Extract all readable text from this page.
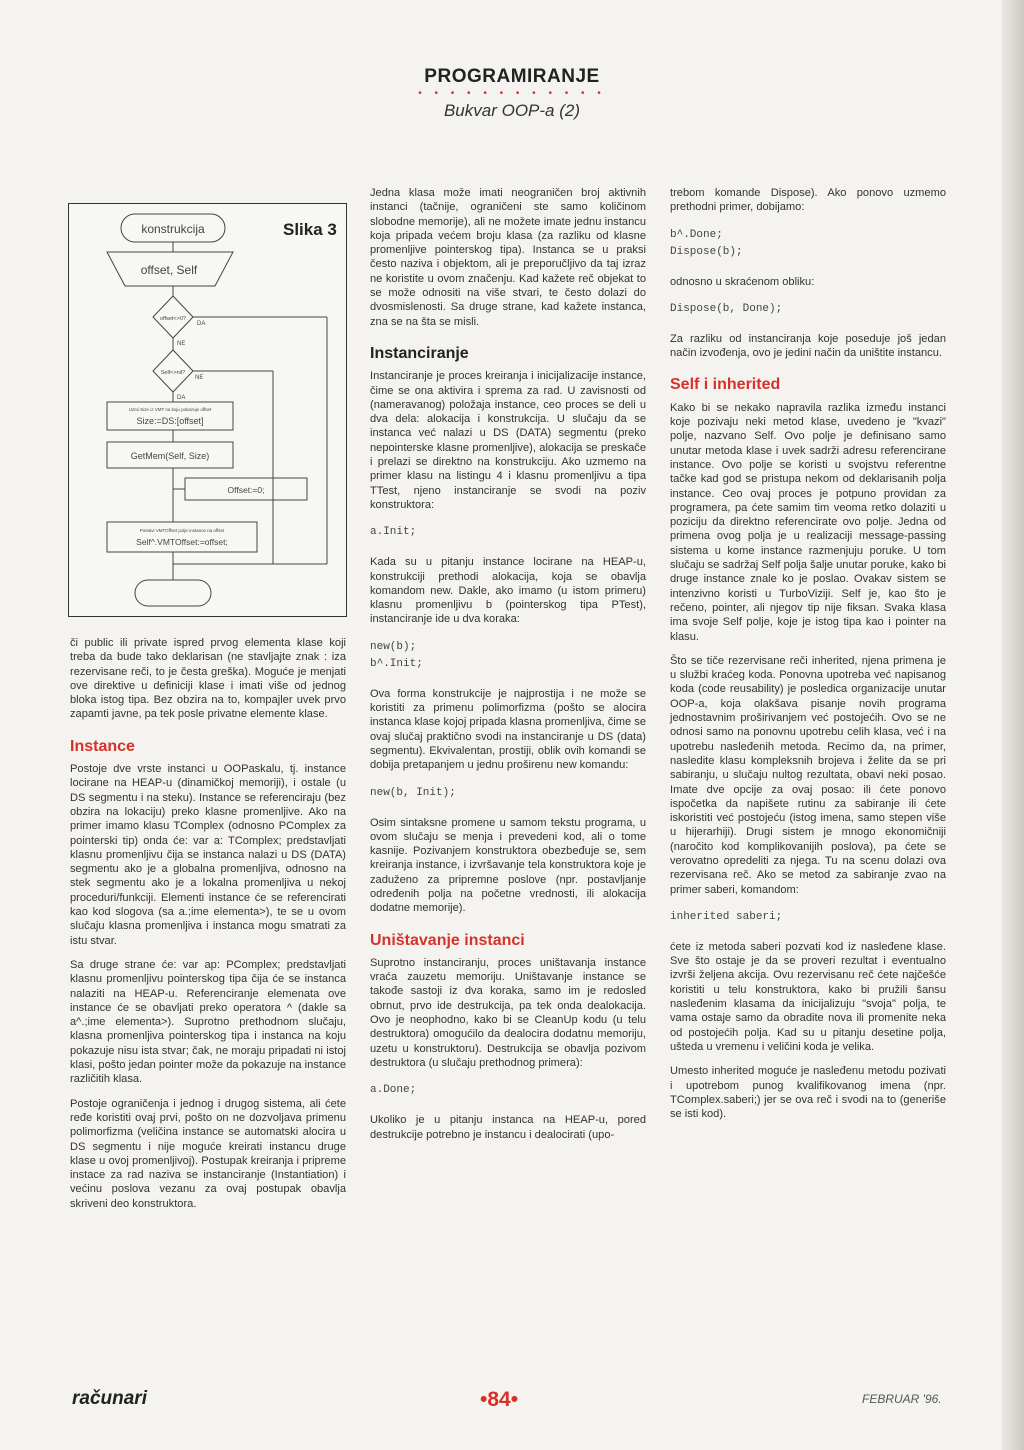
PROGRAMIRANJE
• • • • • • • • • • • •
Bukvar OOP-a (2)
Slika 3
konstrukcija
offset, Self
offset<>0?
DA
NE
Self<>nil?
NE
DA
Uzmi Size iz VMT na koju pokazuje offset
Size:=DS:[offset]
GetMem(Self, Size)
Offset:=0;
Postavi VMTOffset polje instance na offset
Self^.VMTOffset:=offset;

či public ili private ispred prvog elementa klase koji treba da bude tako deklarisan (ne stavljajte znak : iza rezervisane reči, to je česta greška). Moguće je menjati ove direktive u definiciji klase i imati više od jednog bloka istog tipa. Bez obzira na to, kompajler uvek prvo zapamti javne, pa tek posle privatne elemente klase.

Instance

Postoje dve vrste instanci u OOPaskalu, tj. instance locirane na HEAP-u (dinamičkoj memoriji), i ostale (u DS segmentu i na steku). Instance se referenciraju (bez obzira na lokaciju) preko klasne promenljive. Ako na primer imamo klasu TComplex (odnosno PComplex za pointerski tip) onda će: var a: TComplex; predstavljati klasnu promenljivu čija se instanca nalazi u DS (DATA) segmentu ako je a globalna promenljiva, odnosno na stek segmentu ako je a lokalna promenljiva u nekoj proceduri/funkciji. Elementi instance će se referencirati kao kod slogova (sa a.;ime elementa>), te se u ovom slučaju klasna promenljiva i instanca mogu smatrati za istu stvar.

Sa druge strane će: var ap: PComplex; predstavljati klasnu promenljivu pointerskog tipa čija će se instanca nalaziti na HEAP-u. Referenciranje elemenata ove instance će se obavljati preko operatora ^ (dakle sa a^.;ime elementa>). Suprotno prethodnom slučaju, klasna promenljiva pointerskog tipa i instanca na koju pokazuje nisu ista stvar; čak, ne moraju pripadati ni istoj klasi, pošto jedan pointer može da pokazuje na instance različitih klasa.

Postoje ograničenja i jednog i drugog sistema, ali ćete ređe koristiti ovaj prvi, pošto on ne dozvoljava primenu polimorfizma (veličina instance se automatski alocira u DS segmentu i nije moguće kreirati instancu druge klase u ovoj promenljivoj). Postupak kreiranja i pripreme instace za rad naziva se instanciranje (Instantiation) i većinu poslova vezanu za ovaj postupak obavlja skriveni deo konstruktora.

Jedna klasa može imati neograničen broj aktivnih instanci (tačnije, ograničeni ste samo količinom slobodne memorije), ali ne možete imate jednu instancu koja pripada većem broju klasa (za razliku od klasne promenljive pointerskog tipa). Instanca se u praksi često naziva i objektom, ali je preporučljivo da taj izraz ne koristite u ovom značenju. Kad kažete reč objekat to se može odnositi na više stvari, te često dolazi do dvosmislenosti. Sa druge strane, kad kažete instanca, zna se na šta se misli.

Instanciranje

Instanciranje je proces kreiranja i inicijalizacije instance, čime se ona aktivira i sprema za rad. U zavisnosti od (nameravanog) položaja instance, ceo proces se deli u dva dela: alokacija i konstrukcija. U slučaju da se instanca već nalazi u DS (DATA) segmentu (preko nepointerske klasne promenljive), alokacija se preskače i prelazi se direktno na konstrukciju. Ako uzmemo na primer klasu na listingu 4 i klasnu promenljivu a tipa TTest, njeno instanciranje se svodi na poziv konstruktora:

a.Init;

Kada su u pitanju instance locirane na HEAP-u, konstrukciji prethodi alokacija, koja se obavlja komandom new. Dakle, ako imamo (u istom primeru) klasnu promenljivu b (pointerskog tipa PTest), instanciranje ide u dva koraka:

new(b);
b^.Init;

Ova forma konstrukcije je najprostija i ne može se koristiti za primenu polimorfizma (pošto se alocira instanca klase kojoj pripada klasna promenljiva, čime se ovaj slučaj praktično svodi na instanciranje u DS (data) segmentu). Ekvivalentan, prostiji, oblik ovih komandi se dobija pretapanjem u jednu proširenu new komandu:

new(b, Init);

Osim sintaksne promene u samom tekstu programa, u ovom slučaju se menja i prevedeni kod, ali o tome kasnije. Pozivanjem konstruktora obezbeđuje se, sem kreiranja instance, i izvršavanje tela konstruktora koje je zaduženo za pripremne poslove (npr. postavljanje određenih polja na početne vrednosti, ili alokacija dodatne memorije).

Uništavanje instanci

Suprotno instanciranju, proces uništavanja instance vraća zauzetu memoriju. Uništavanje instance se takođe sastoji iz dva koraka, samo im je redosled obrnut, prvo ide destrukcija, pa tek onda dealokacija. Ovo je neophodno, kako bi se CleanUp kodu (u telu destruktora) omogućilo da dealocira dodatnu memoriju, uzetu u konstruktoru). Destrukcija se obavlja pozivom destruktora (u slučaju prethodnog primera):

a.Done;

Ukoliko je u pitanju instanca na HEAP-u, pored destrukcije potrebno je instancu i dealocirati (upo-

trebom komande Dispose). Ako ponovo uzmemo prethodni primer, dobijamo:

b^.Done;
Dispose(b);

odnosno u skraćenom obliku:

Dispose(b, Done);

Za razliku od instanciranja koje poseduje još jedan način izvođenja, ovo je jedini način da uništite instancu.

Self i inherited

Kako bi se nekako napravila razlika između instanci koje pozivaju neki metod klase, uvedeno je "kvazi" polje, nazvano Self. Ovo polje je definisano samo unutar metoda klase i uvek sadrži adresu referencirane instance. Ovo polje se koristi u svojstvu referentne tačke kad god se pristupa nekom od deklarisanih polja instance. Ceo ovaj proces je potpuno providan za programera, pa ćete samim tim veoma retko dolaziti u poziciju da direktno referencirate ovo polje. Jedna od primena ovog polja je u realizaciji message-passing sistema u kome instance razmenjuju poruke. U tom slučaju se sadržaj Self polja šalje unutar poruke, kako bi druge instance znale ko je poslao. Ovakav sistem se intenzivno koristi u TurboViziji. Self je, kao što je rečeno, pointer, ali njegov tip nije fiksan. Svaka klasa ima svoje Self polje, koje je istog tipa kao i pointer na klasu.

Što se tiče rezervisane reči inherited, njena primena je u službi kraćeg koda. Ponovna upotreba već napisanog koda (code reusability) je posledica organizacije unutar OOP-a, koja olakšava pisanje novih programa jednostavnim proširivanjem već postojećih. Ovo se ne odnosi samo na ponovnu upotrebu celih klasa, već i na upotrebu nasleđenih metoda. Recimo da, na primer, nasledite klasu kompleksnih brojeva i želite da se pri sabiranju, u slučaju nultog rezultata, obavi neki posao. Imate dve opcije za ovaj posao: ili ćete ponovo ispočetka da napišete rutinu za sabiranje ili ćete iskoristiti već postojeću (istog imena, samo stepen više u hijerarhiji). Drugi sistem je mnogo ekonomičniji (naročito kod komplikovanijih poslova), pa ćete se verovatno opredeliti za njega. Tu na scenu dolazi ova rezervisana reč. Ako se metod za sabiranje zvao na primer saberi, komandom:

inherited saberi;

ćete iz metoda saberi pozvati kod iz nasleđene klase. Sve što ostaje je da se proveri rezultat i eventualno izvrši željena akcija. Ovu rezervisanu reč ćete najčešće koristiti u telu konstruktora, kako bi pružili šansu nasleđenim klasama da inicijalizuju "svoja" polja, te vama ostaje samo da obradite nova ili promenite neka od postojećih polja. Kad su u pitanju desetine polja, ušteda u vremenu i veličini koda je velika.

Umesto inherited moguće je nasleđenu metodu pozivati i upotrebom punog kvalifikovanog imena (npr. TComplex.saberi;) jer se ova reč i svodi na to (generiše se isti kod).

računari	•84•	FEBRUAR '96.
